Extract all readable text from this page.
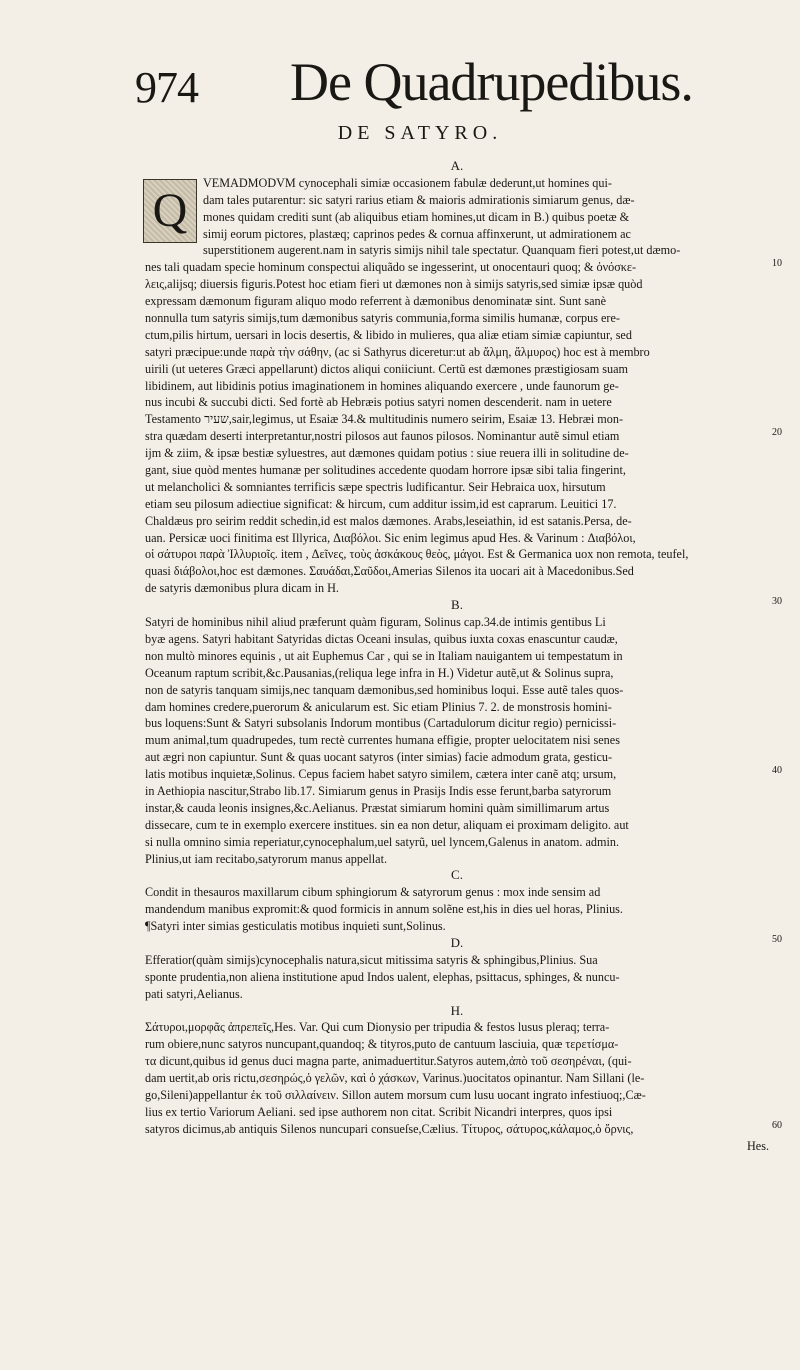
974 De Quadrupedibus.
DE SATYRO.
10
20
30
40
50
60
A.
Q
VEMADMODVM cynocephali simiæ occasionem fabulæ dederunt,ut homines qui-
dam tales putarentur: sic satyri rarius etiam & maioris admirationis simiarum genus, dæ-
mones quidam crediti sunt (ab aliquibus etiam homines,ut dicam in B.) quibus poetæ &
simij eorum pictores, plastæq; caprinos pedes & cornua affinxerunt, ut admirationem ac
superstitionem augerent.nam in satyris simijs nihil tale spectatur. Quanquam fieri potest,ut dæmo-
nes tali quadam specie hominum conspectui aliquãdo se ingesserint, ut onocentauri quoq; & ὀνόσκε-
λεις,alijsq; diuersis figuris.Potest hoc etiam fieri ut dæmones non à simijs satyris,sed simiæ ipsæ quòd
expressam dæmonum figuram aliquo modo referrent à dæmonibus denominatæ sint. Sunt sanè
nonnulla tum satyris simijs,tum dæmonibus satyris communia,forma similis humanæ, corpus ere-
ctum,pilis hirtum, uersari in locis desertis, & libido in mulieres, qua aliæ etiam simiæ capiuntur, sed
satyri præcipue:unde παρὰ τὴν σάθην, (ac si Sathyrus diceretur:ut ab ἄλμη, ἄλμυρος) hoc est à membro
uirili (ut ueteres Græci appellarunt) dictos aliqui coniiciunt. Certũ est dæmones præstigiosam suam
libidinem, aut libidinis potius imaginationem in homines aliquando exercere , unde faunorum ge-
nus incubi & succubi dicti. Sed fortè ab Hebræis potius satyri nomen descenderit. nam in uetere
Testamento שעיר,sair,legimus, ut Esaiæ 34.& multitudinis numero seirim, Esaiæ 13. Hebræi mon-
stra quædam deserti interpretantur,nostri pilosos aut faunos pilosos. Nominantur autẽ simul etiam
ijm & ziim, & ipsæ bestiæ syluestres, aut dæmones quidam potius : siue reuera illi in solitudine de-
gant, siue quòd mentes humanæ per solitudines accedente quodam horrore ipsæ sibi talia fingerint,
ut melancholici & somniantes terrificis sæpe spectris ludificantur. Seir Hebraica uox, hirsutum
etiam seu pilosum adiectiue significat: & hircum, cum additur issim,id est caprarum. Leuitici 17.
Chaldæus pro seirim reddit schedin,id est malos dæmones. Arabs,leseiathin, id est satanis.Persa, de-
uan. Persicæ uoci finitima est Illyrica, Διαβόλοι. Sic enim legimus apud Hes. & Varinum : Διαβόλοι,
οἱ σάτυροι παρὰ Ἰλλυριοῖς. item , Δεῖνες, τοὺς ἀσκάκους θεὸς, μάγοι. Est & Germanica uox non remota, teufel,
quasi διάβολοι,hoc est dæmones. Σαυάδαι,Σαῦδοι,Amerias Silenos ita uocari ait à Macedonibus.Sed
de satyris dæmonibus plura dicam in H.
B.
Satyri de hominibus nihil aliud præferunt quàm figuram, Solinus cap.34.de intimis gentibus Li
byæ agens. Satyri habitant Satyridas dictas Oceani insulas, quibus iuxta coxas enascuntur caudæ,
non multò minores equinis , ut ait Euphemus Car , qui se in Italiam nauigantem ui tempestatum in
Oceanum raptum scribit,&c.Pausanias,(reliqua lege infra in H.) Videtur autẽ,ut & Solinus supra,
non de satyris tanquam simijs,nec tanquam dæmonibus,sed hominibus loqui. Esse autẽ tales quos-
dam homines credere,puerorum & anicularum est. Sic etiam Plinius 7. 2. de monstrosis homini-
bus loquens:Sunt & Satyri subsolanis Indorum montibus (Cartadulorum dicitur regio) pernicissi-
mum animal,tum quadrupedes, tum rectè currentes humana effigie, propter uelocitatem nisi senes
aut ægri non capiuntur. Sunt & quas uocant satyros (inter simias) facie admodum grata, gesticu-
latis motibus inquietæ,Solinus. Cepus faciem habet satyro similem, cætera inter canẽ atq; ursum,
in Aethiopia nascitur,Strabo lib.17. Simiarum genus in Prasijs Indis esse ferunt,barba satyrorum
instar,& cauda leonis insignes,&c.Aelianus. Præstat simiarum homini quàm simillimarum artus
dissecare, cum te in exemplo exercere institues. sin ea non detur, aliquam ei proximam deligito. aut
si nulla omnino simia reperiatur,cynocephalum,uel satyrũ, uel lyncem,Galenus in anatom. admin.
Plinius,ut iam recitabo,satyrorum manus appellat.
C.
Condit in thesauros maxillarum cibum sphingiorum & satyrorum genus : mox inde sensim ad
mandendum manibus expromit:& quod formicis in annum solẽne est,his in dies uel horas, Plinius.
¶Satyri inter simias gesticulatis motibus inquieti sunt,Solinus.
D.
Efferatior(quàm simijs)cynocephalis natura,sicut mitissima satyris & sphingibus,Plinius. Sua
sponte prudentia,non aliena institutione apud Indos ualent, elephas, psittacus, sphinges, & nuncu-
pati satyri,Aelianus.
H.
Σάτυροι,μορφᾶς ἀπρεπεῖς,Hes. Var. Qui cum Dionysio per tripudia & festos lusus pleraq; terra-
rum obiere,nunc satyros nuncupant,quandoq; & tityros,puto de cantuum lasciuia, quæ τερετίσμα-
τα dicunt,quibus id genus duci magna parte, animaduertitur.Satyros autem,ἀπὸ τοῦ σεσηρέναι, (qui-
dam uertit,ab oris rictu,σεσηρώς,ὁ γελῶν, καὶ ὁ χάσκων, Varinus.)uocitatos opinantur. Nam Sillani (le-
go,Sileni)appellantur ἐκ τοῦ σιλλαίνειν. Sillon autem morsum cum lusu uocant ingrato infestiuoq;,Cæ-
lius ex tertio Variorum Aeliani. sed ipse authorem non citat. Scribit Nicandri interpres, quos ipsi
satyros dicimus,ab antiquis Silenos nuncupari consueſse,Cælius. Τίτυρος, σάτυρος,κάλαμος,ὁ ὄρνις,
Hes.
